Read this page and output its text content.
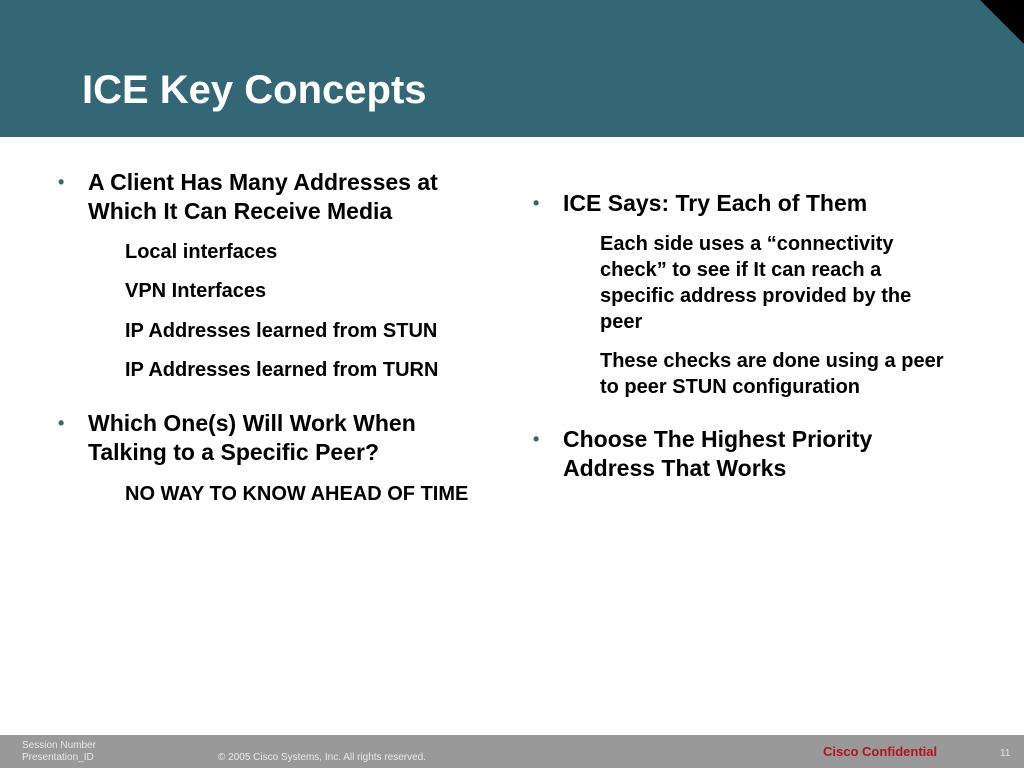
ICE Key Concepts
•	A Client Has Many Addresses at Which It Can Receive Media
Local interfaces
VPN Interfaces
IP Addresses learned from STUN
IP Addresses learned from TURN
•	Which One(s) Will Work When Talking to a Specific Peer?
NO WAY TO KNOW AHEAD OF TIME
•	ICE Says: Try Each of Them
Each side uses a “connectivity check” to see if It can reach a specific address provided by the peer
These checks are done using a peer to peer STUN configuration
•	Choose The Highest Priority Address That Works
Session Number
Presentation_ID	© 2005 Cisco Systems, Inc. All rights reserved.	Cisco Confidential	11
